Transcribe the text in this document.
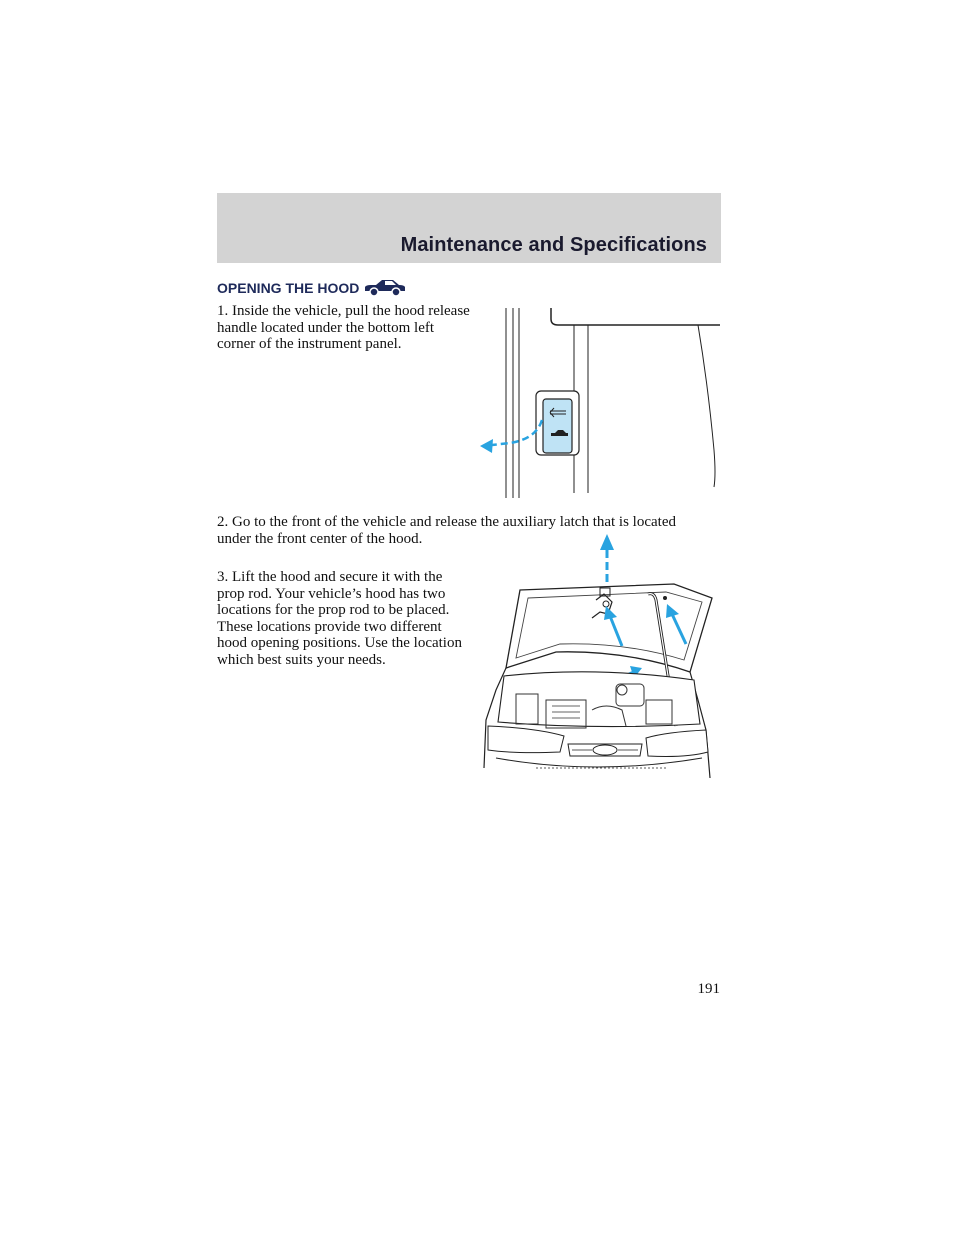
Maintenance and Specifications
OPENING THE HOOD
1. Inside the vehicle, pull the hood release handle located under the bottom left corner of the instrument panel.
2. Go to the front of the vehicle and release the auxiliary latch that is located under the front center of the hood.
3. Lift the hood and secure it with the prop rod. Your vehicle’s hood has two locations for the prop rod to be placed. These locations provide two different hood opening positions. Use the location which best suits your needs.
191
